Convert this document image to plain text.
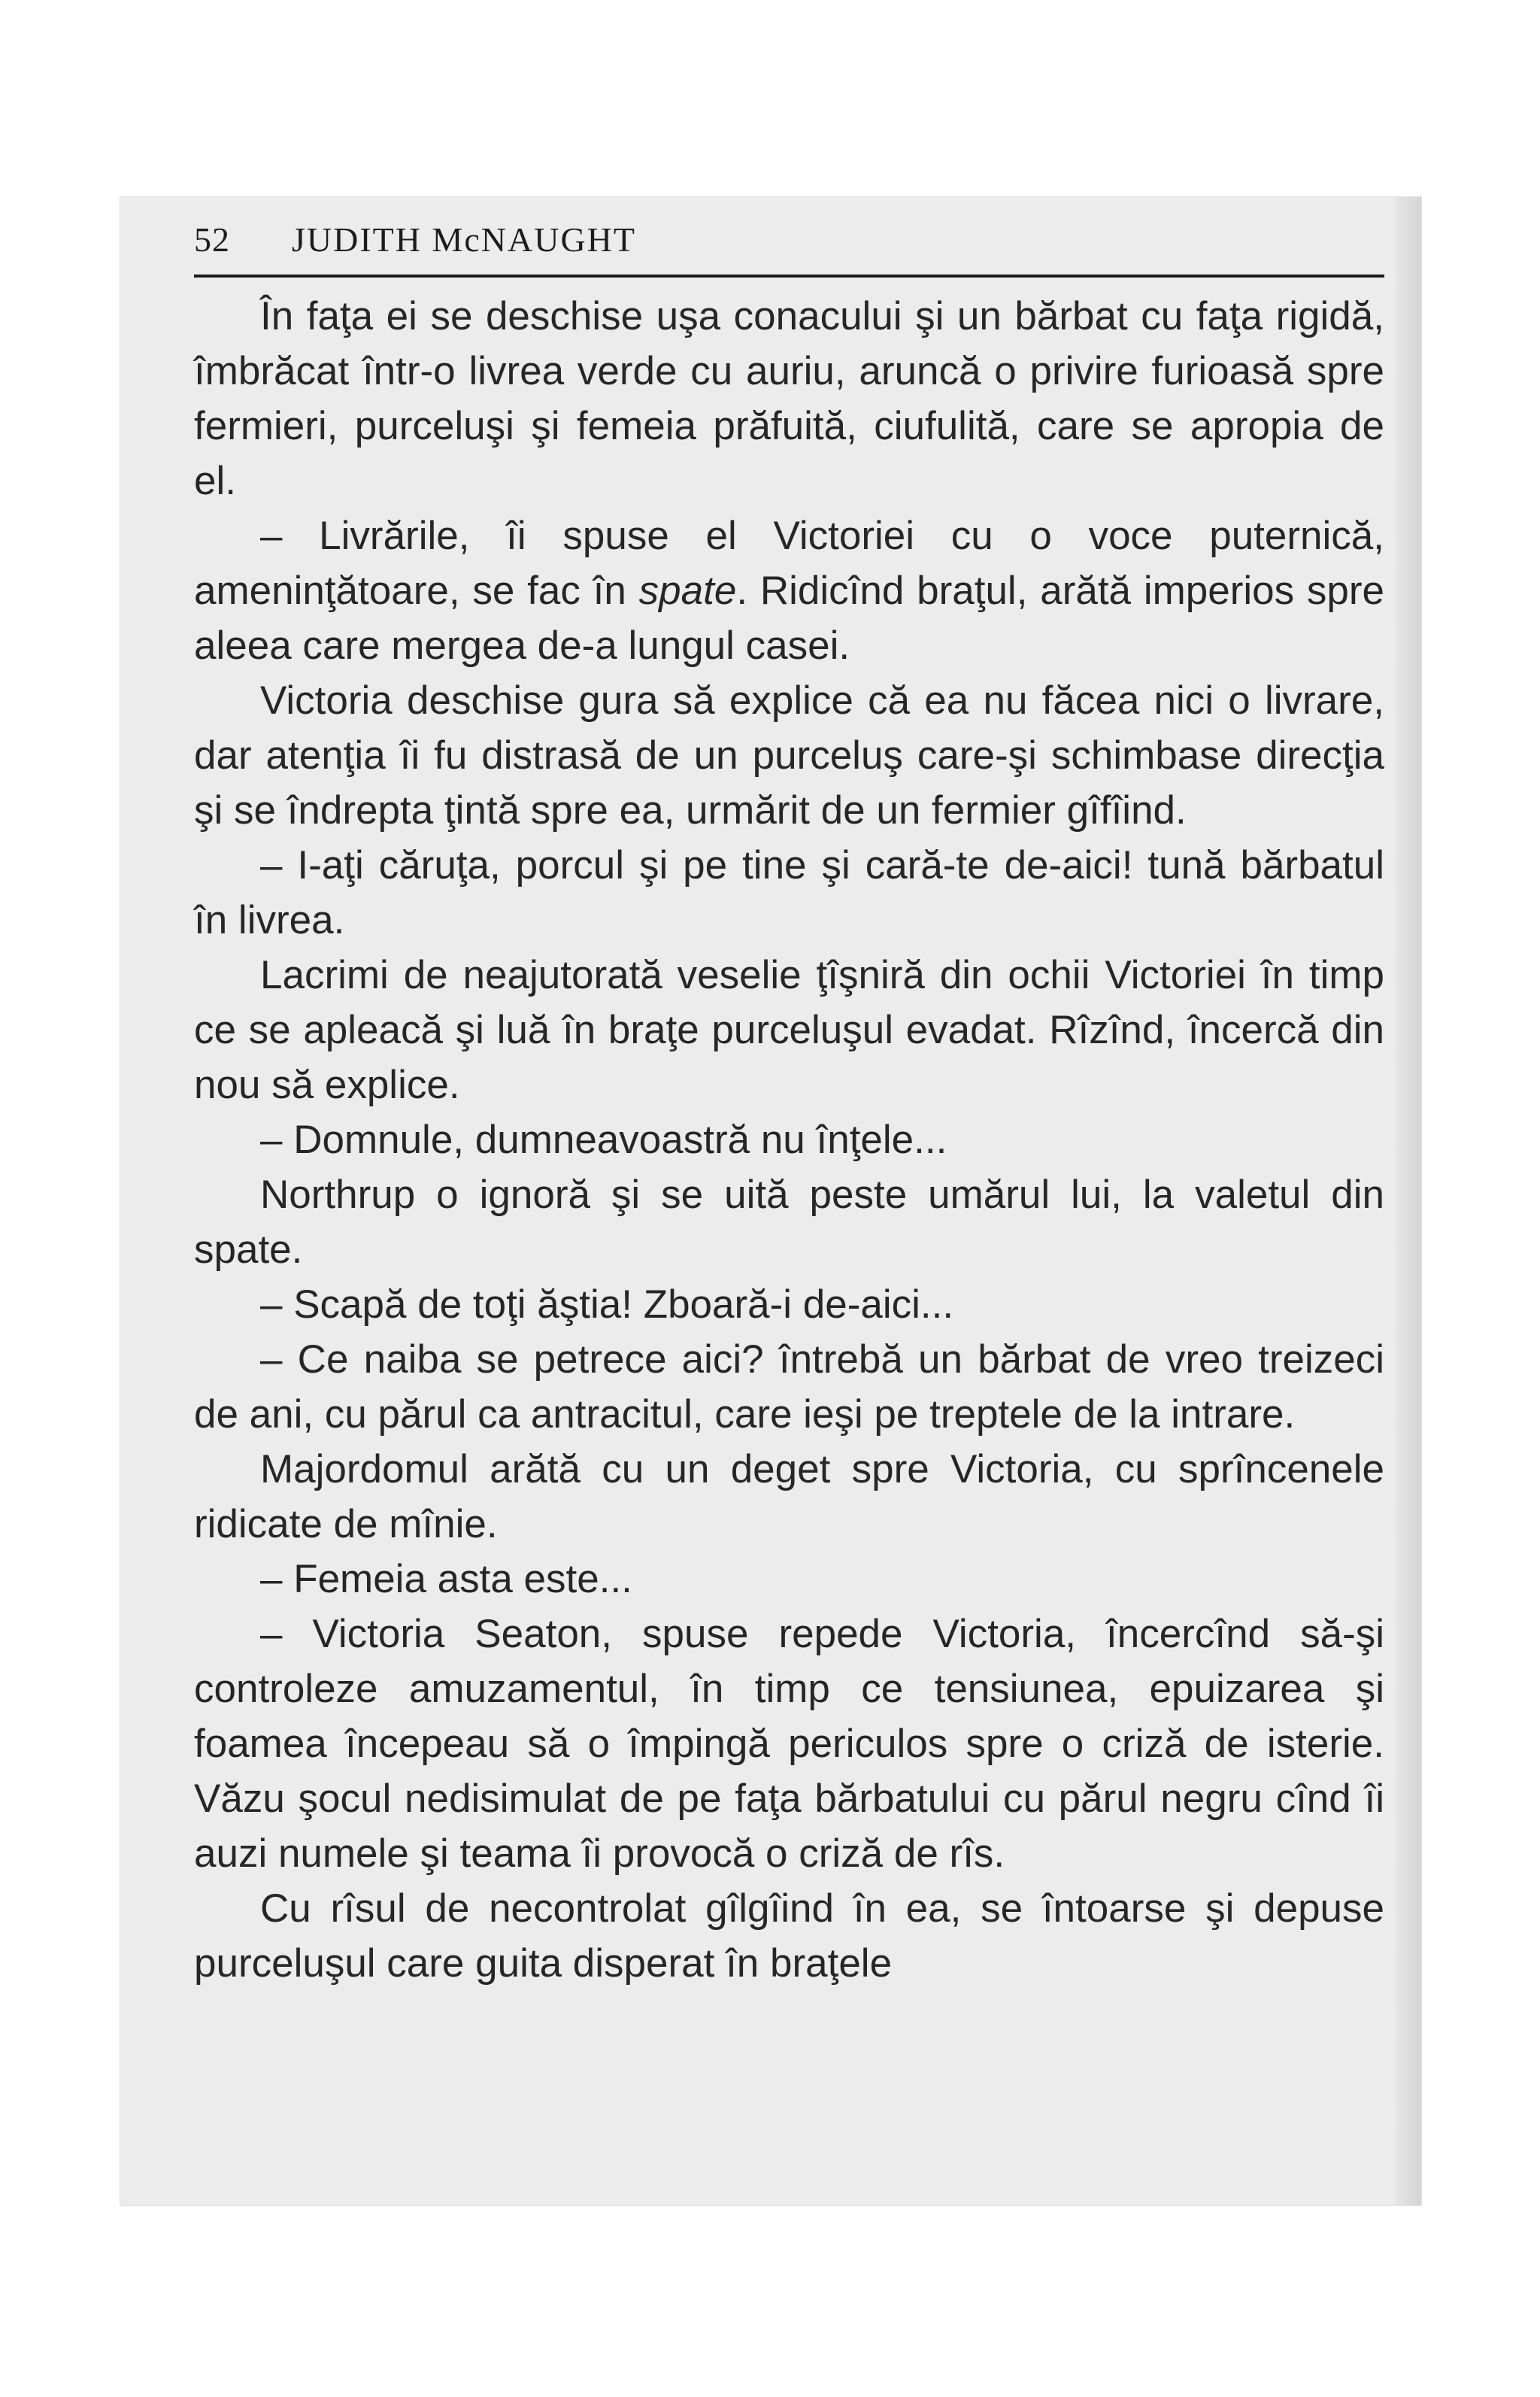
52 JUDITH McNAUGHT

În faţa ei se deschise uşa conacului şi un bărbat cu faţa rigidă, îmbrăcat într-o livrea verde cu auriu, aruncă o privire furioasă spre fermieri, purceluşi şi femeia prăfuită, ciufulită, care se apropia de el.

– Livrările, îi spuse el Victoriei cu o voce puternică, ameninţătoare, se fac în spate. Ridicînd braţul, arătă imperios spre aleea care mergea de-a lungul casei.

Victoria deschise gura să explice că ea nu făcea nici o livrare, dar atenţia îi fu distrasă de un purceluş care-şi schimbase direcţia şi se îndrepta ţintă spre ea, urmărit de un fermier gîfîind.

– I-aţi căruţa, porcul şi pe tine şi cară-te de-aici! tună bărbatul în livrea.

Lacrimi de neajutorată veselie ţîşniră din ochii Victoriei în timp ce se apleacă şi luă în braţe purceluşul evadat. Rîzînd, încercă din nou să explice.

– Domnule, dumneavoastră nu înţele...

Northrup o ignoră şi se uită peste umărul lui, la valetul din spate.

– Scapă de toţi ăştia! Zboară-i de-aici...

– Ce naiba se petrece aici? întrebă un bărbat de vreo treizeci de ani, cu părul ca antracitul, care ieşi pe treptele de la intrare.

Majordomul arătă cu un deget spre Victoria, cu sprîncenele ridicate de mînie.

– Femeia asta este...

– Victoria Seaton, spuse repede Victoria, încercînd să-şi controleze amuzamentul, în timp ce tensiunea, epuizarea şi foamea începeau să o împingă periculos spre o criză de isterie. Văzu şocul nedisimulat de pe faţa bărbatului cu părul negru cînd îi auzi numele şi teama îi provocă o criză de rîs.

Cu rîsul de necontrolat gîlgîind în ea, se întoarse şi depuse purceluşul care guita disperat în braţele
